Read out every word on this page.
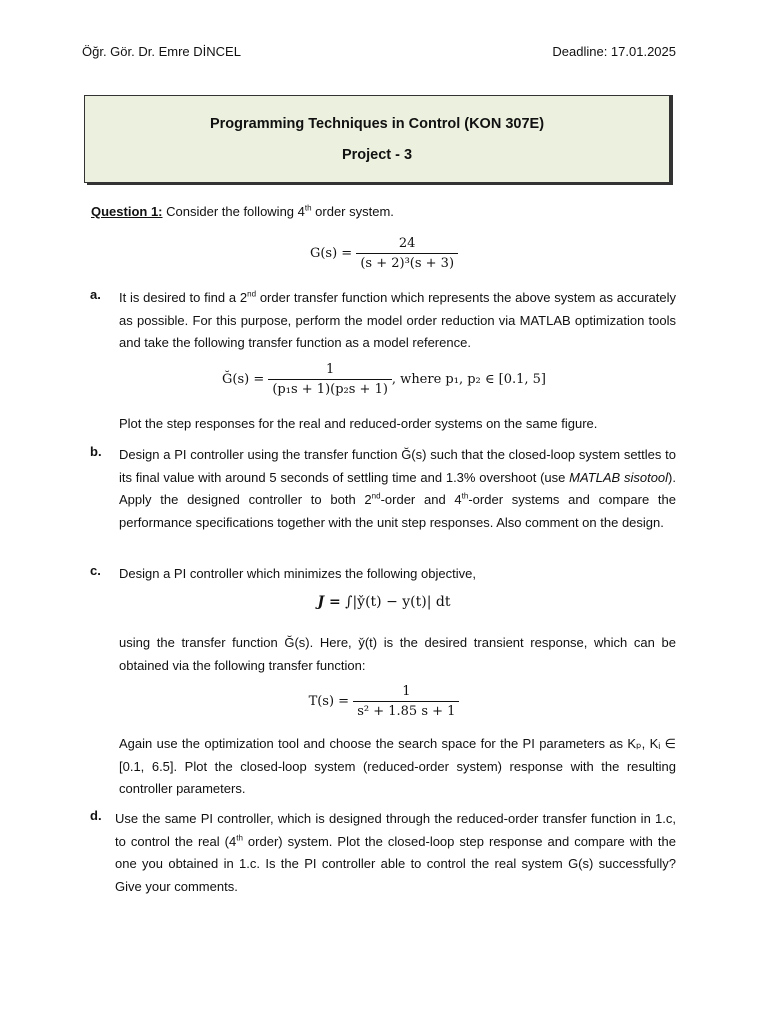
Öğr. Gör. Dr. Emre DİNCEL	Deadline: 17.01.2025
Programming Techniques in Control (KON 307E)
Project - 3
Question 1: Consider the following 4th order system.
G(s) =
$\frac{24}{\text{(s + 2)³(s + 3)}}$
a. It is desired to find a 2nd order transfer function which represents the above system as accurately as possible. For this purpose, perform the model order reduction via MATLAB optimization tools and take the following transfer function as a model reference.
Ğ(s) =
$\frac{1}{\text{(p₁s + 1)(p₂s + 1)}}$ , where p₁, p₂ ∈ [0.1, 5]
Plot the step responses for the real and reduced-order systems on the same figure.
b. Design a PI controller using the transfer function Ğ(s) such that the closed-loop system settles to its final value with around 5 seconds of settling time and 1.3% overshoot (use MATLAB sisotool). Apply the designed controller to both 2nd-order and 4th-order systems and compare the performance specifications together with the unit step responses. Also comment on the design.
c. Design a PI controller which minimizes the following objective,
J =
∫|y̌(t) − y(t)| dt
using the transfer function Ğ(s). Here, y̌(t) is the desired transient response, which can be obtained via the following transfer function:
T(s) =
$\frac{1}{\text{s² + 1.85 s + 1}}$
Again use the optimization tool and choose the search space for the PI parameters as Kₚ, Kᵢ ∈ [0.1, 6.5]. Plot the closed-loop system (reduced-order system) response with the resulting controller parameters.
d. Use the same PI controller, which is designed through the reduced-order transfer function in 1.c, to control the real (4th order) system. Plot the closed-loop step response and compare with the one you obtained in 1.c. Is the PI controller able to control the real system G(s) successfully? Give your comments.
